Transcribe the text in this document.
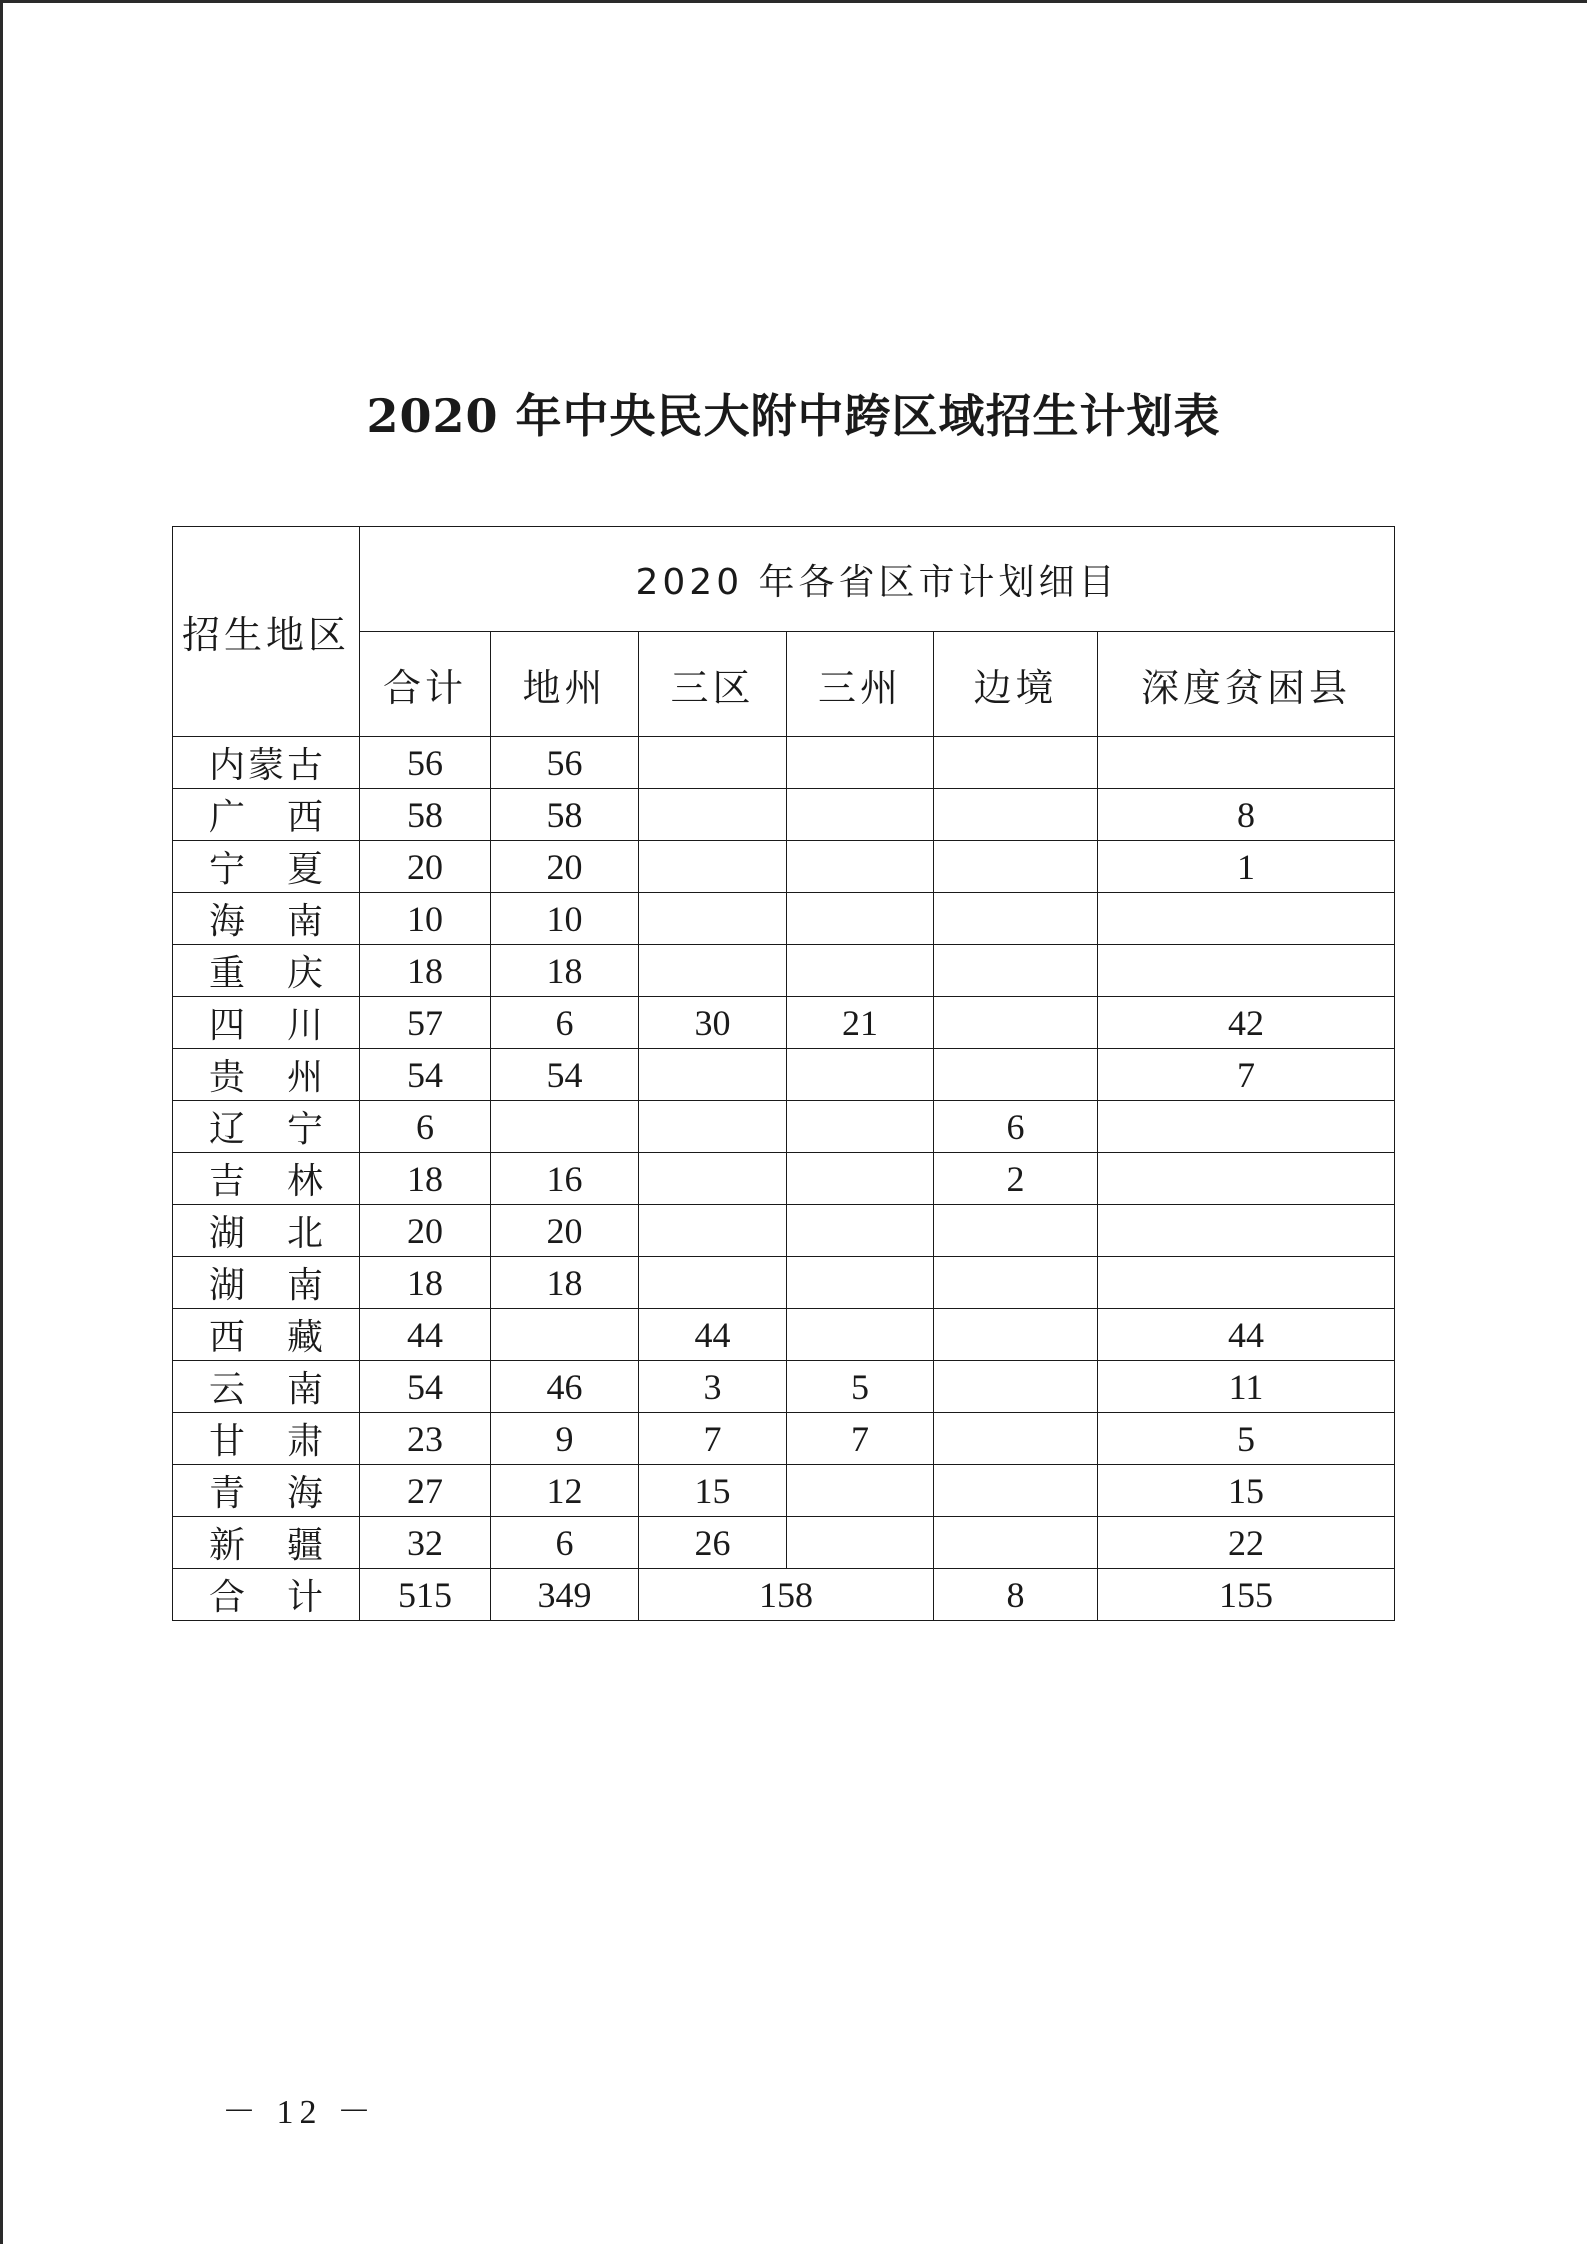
2020 年中央民大附中跨区域招生计划表
招生地区	2020 年各省区市计划细目					
	合计	地州	三区	三州	边境	深度贫困县
内蒙古	56	56				
广　西	58	58				8
宁　夏	20	20				1
海　南	10	10				
重　庆	18	18				
四　川	57	6	30	21		42
贵　州	54	54				7
辽　宁	6				6	
吉　林	18	16			2	
湖　北	20	20				
湖　南	18	18				
西　藏	44		44			44
云　南	54	46	3	5		11
甘　肃	23	9	7	7		5
青　海	27	12	15			15
新　疆	32	6	26			22
合　计	515	349	158		8	155
－ 12 －
